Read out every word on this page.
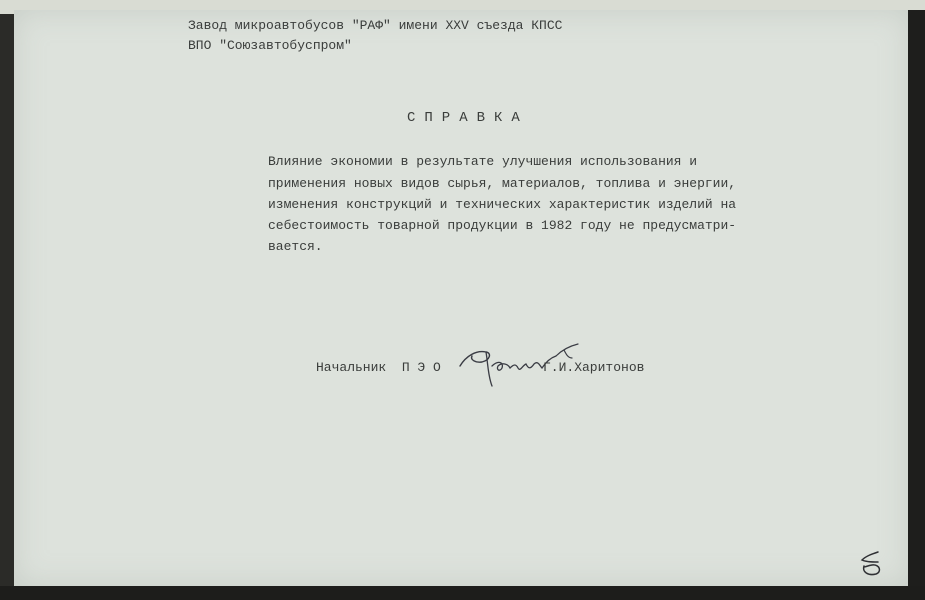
Завод микроавтобусов "РАФ" имени XXV съезда КПСС
ВПО "Союзавтобуспром"
СПРАВКА
Влияние экономии в результате улучшения использования и
применения новых видов сырья, материалов, топлива и энергии,
изменения конструкций и технических характеристик изделий на
себестоимость товарной продукции в 1982 году не предусматри-
вается.
Начальник  П Э О	Г.И.Харитонов
